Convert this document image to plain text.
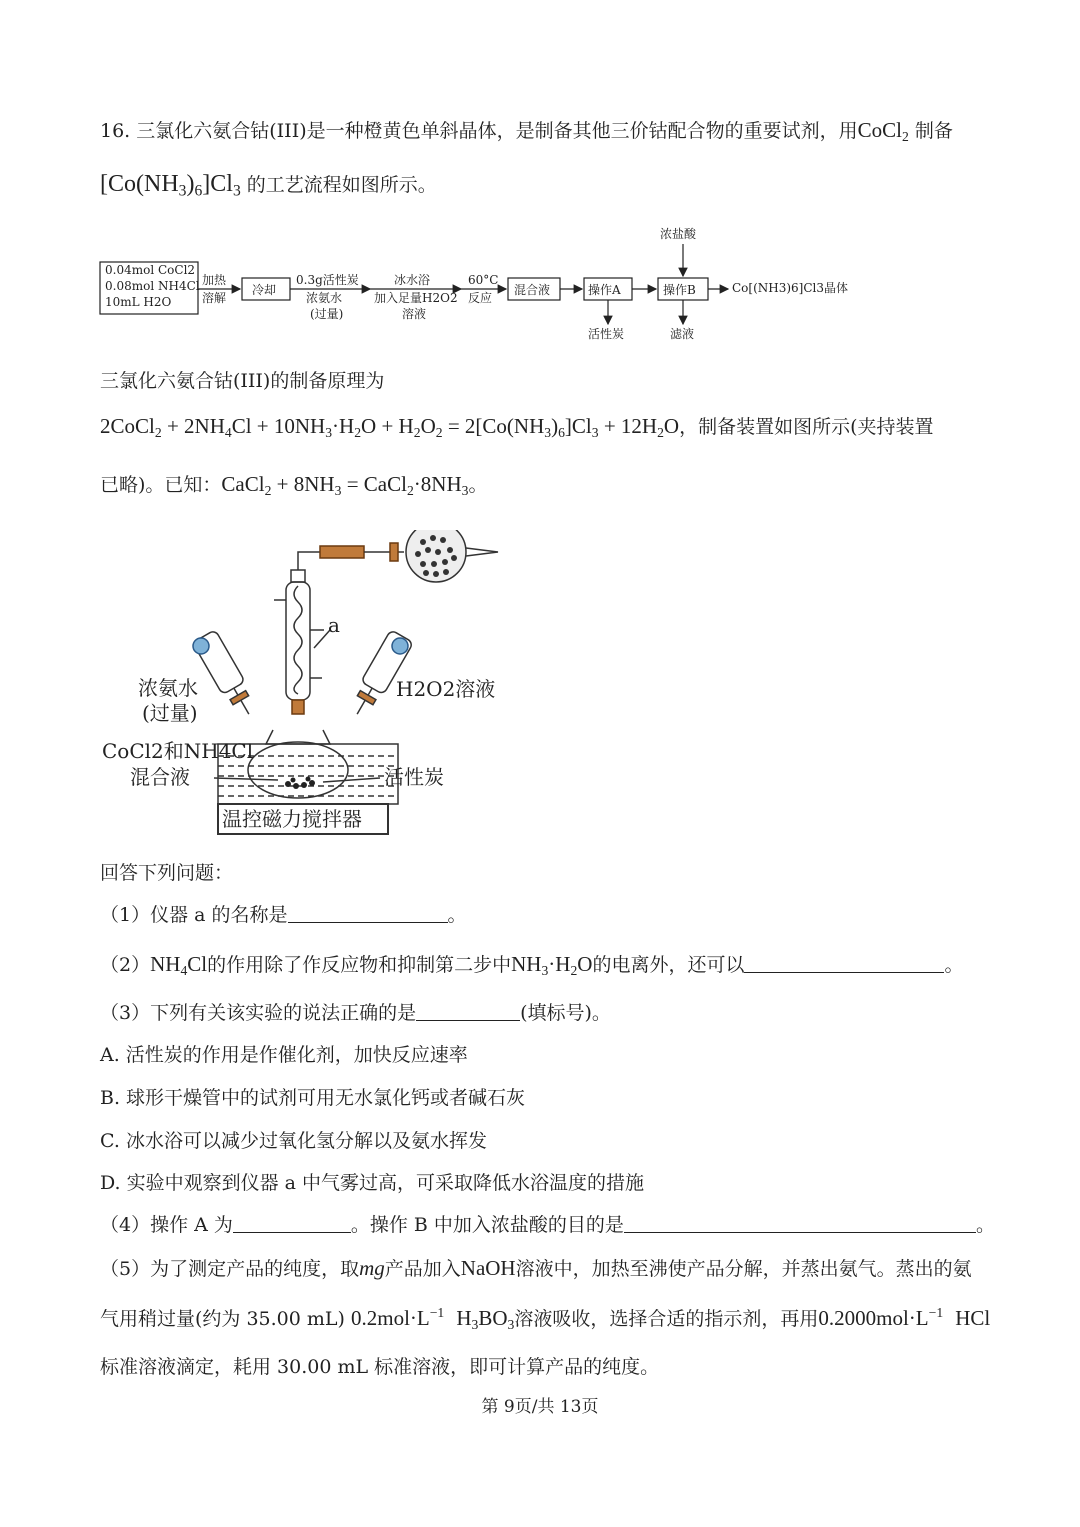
16. 三氯化六氨合钴(III)是一种橙黄色单斜晶体，是制备其他三价钴配合物的重要试剂，用CoCl$_2$ 制备
$[Co(NH_3)_6]Cl_3$ 的工艺流程如图所示。
0.04mol CoCl2
0.08mol NH4Cl
10mL H2O
加热
溶解
冷却
0.3g活性炭
浓氨水
(过量)
冰水浴
加入足量H2O2
溶液
60°C
反应
混合液	操作A
活性炭
操作B
浓盐酸
滤液
Co[(NH3)6]Cl3晶体
三氯化六氨合钴(III)的制备原理为
2CoCl$_2$ + $2NH_4Cl + 10NH_3\cdot H_2O + H_2O_2 = 2[Co(NH_3)_6]Cl_3 + 12H_2O$，制备装置如图所示(夹持装置
已略)。已知：CaCl$_2$ + $8NH_3$ = $CaCl_2\cdot 8NH_3$。
a
浓氨水
(过量)
H2O2溶液
CoCl2和NH4Cl
混合液	活性炭
温控磁力搅拌器
回答下列问题：
（1）仪器 a 的名称是	。
$(2)NH_4Cl$的作用除了作反应物和抑制第二步中$NH_3\cdot H_2O$的电离外，还可以	。
（3）下列有关该实验的说法正确的是	(填标号)。
A. 活性炭的作用是作催化剂，加快反应速率
B. 球形干燥管中的试剂可用无水氯化钙或者碱石灰
C. 冰水浴可以减少过氧化氢分解以及氨水挥发
D. 实验中观察到仪器 a 中气雾过高，可采取降低水浴温度的措施
（4）操作 A 为	。操作 B 中加入浓盐酸的目的是	。
（5）为了测定产品的纯度，取mg产品加入NaOH溶液中，加热至沸使产品分解，并蒸出氨气。蒸出的氨
气用稍过量(约为 35.00 mL) $0.2mol\cdot L^{-1}$ $H_3BO_3$溶液吸收，选择合适的指示剂，再用$0.2000mol\cdot L^{-1}$ HCl
标准溶液滴定，耗用 30.00 mL 标准溶液，即可计算产品的纯度。
第 9页/共 13页
